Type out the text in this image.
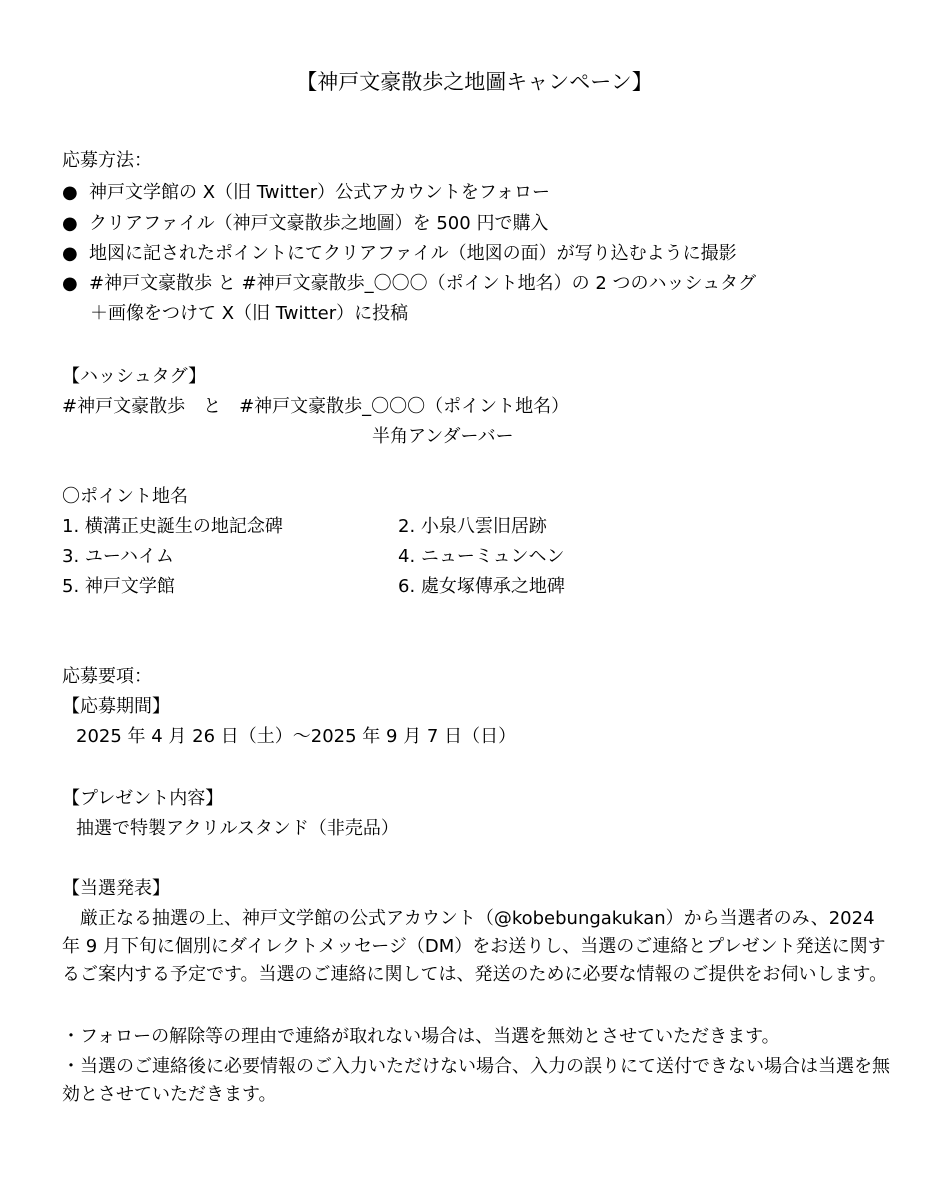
【神戸文豪散歩之地圖キャンペーン】
応募方法：
● 神戸文学館の X（旧 Twitter）公式アカウントをフォロー
● クリアファイル（神戸文豪散歩之地圖）を 500 円で購入
● 地図に記されたポイントにてクリアファイル（地図の面）が写り込むように撮影
● #神戸文豪散歩 と #神戸文豪散歩_〇〇〇（ポイント地名）の 2 つのハッシュタグ
＋画像をつけて X（旧 Twitter）に投稿
【ハッシュタグ】
#神戸文豪散歩　と　#神戸文豪散歩_〇〇〇（ポイント地名）
半角アンダーバー
〇ポイント地名
1. 横溝正史誕生の地記念碑	2. 小泉八雲旧居跡
3. ユーハイム	4. ニューミュンヘン
5. 神戸文学館	6. 處女塚傳承之地碑
応募要項：
【応募期間】
2025 年 4 月 26 日（土）～2025 年 9 月 7 日（日）
【プレゼント内容】
抽選で特製アクリルスタンド（非売品）
【当選発表】
　厳正なる抽選の上、神戸文学館の公式アカウント（@kobebungakukan）から当選者のみ、2024 年 9 月下旬に個別にダイレクトメッセージ（DM）をお送りし、当選のご連絡とプレゼント発送に関するご案内する予定です。当選のご連絡に関しては、発送のために必要な情報のご提供をお伺いします。
・フォローの解除等の理由で連絡が取れない場合は、当選を無効とさせていただきます。
・当選のご連絡後に必要情報のご入力いただけない場合、入力の誤りにて送付できない場合は当選を無効とさせていただきます。
